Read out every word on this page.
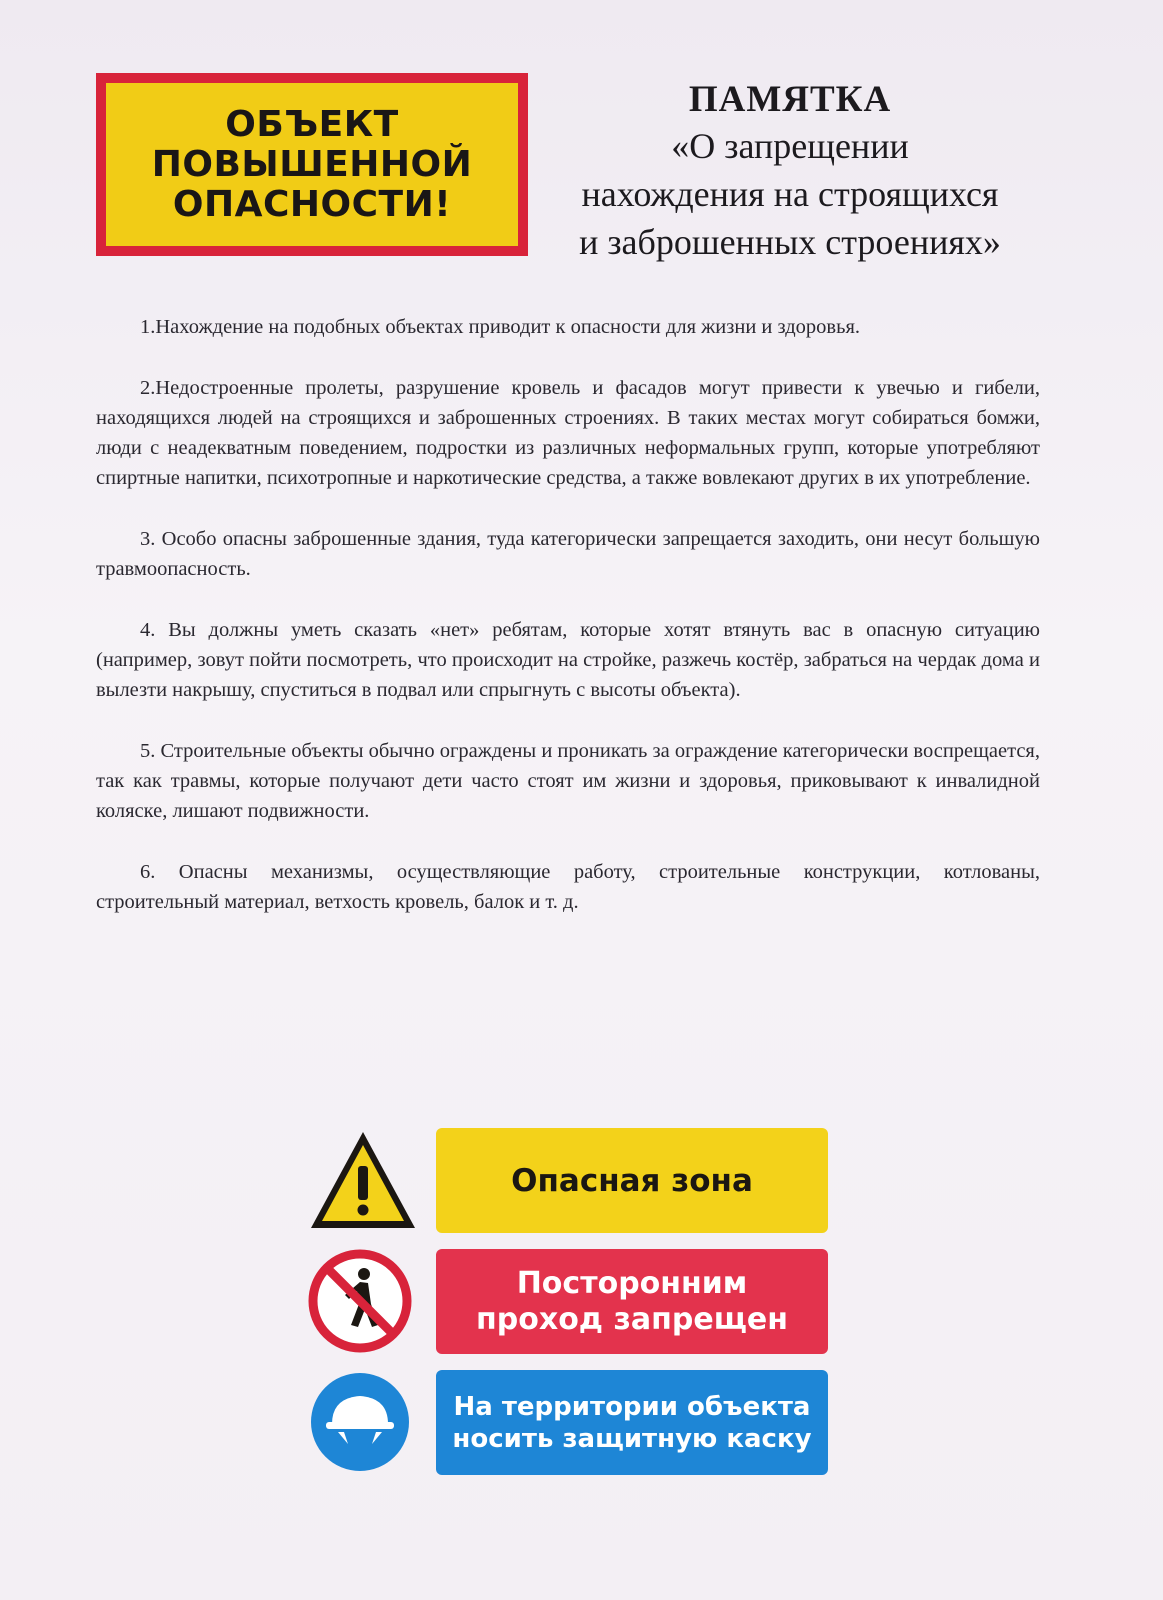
ОБЪЕКТ
ПОВЫШЕННОЙ
ОПАСНОСТИ!
ПАМЯТКА
«О запрещении
нахождения на строящихся
и заброшенных строениях»

1.Нахождение на подобных объектах приводит к опасности для жизни и здоровья.

2.Недостроенные пролеты, разрушение кровель и фасадов могут привести к увечью и гибели, находящихся людей на строящихся и заброшенных строениях. В таких местах могут собираться бомжи, люди с неадекватным поведением, подростки из различных неформальных групп, которые употребляют спиртные напитки, психотропные и наркотические средства, а также вовлекают других в их употребление.

3. Особо опасны заброшенные здания, туда категорически запрещается заходить, они несут большую травмоопасность.

4. Вы должны уметь сказать «нет» ребятам, которые хотят втянуть вас в опасную ситуацию (например, зовут пойти посмотреть, что происходит на стройке, разжечь костёр, забраться на чердак дома и вылезти накрышу, спуститься в подвал или спрыгнуть с высоты объекта).

5. Строительные объекты обычно ограждены и проникать за ограждение категорически воспрещается, так как травмы, которые получают дети часто стоят им жизни и здоровья, приковывают к инвалидной коляске, лишают подвижности.

6. Опасны механизмы, осуществляющие работу, строительные конструкции, котлованы, строительный материал, ветхость кровель, балок и т. д.

Опасная зона
Посторонним
проход запрещен
На территории объекта
носить защитную каску
